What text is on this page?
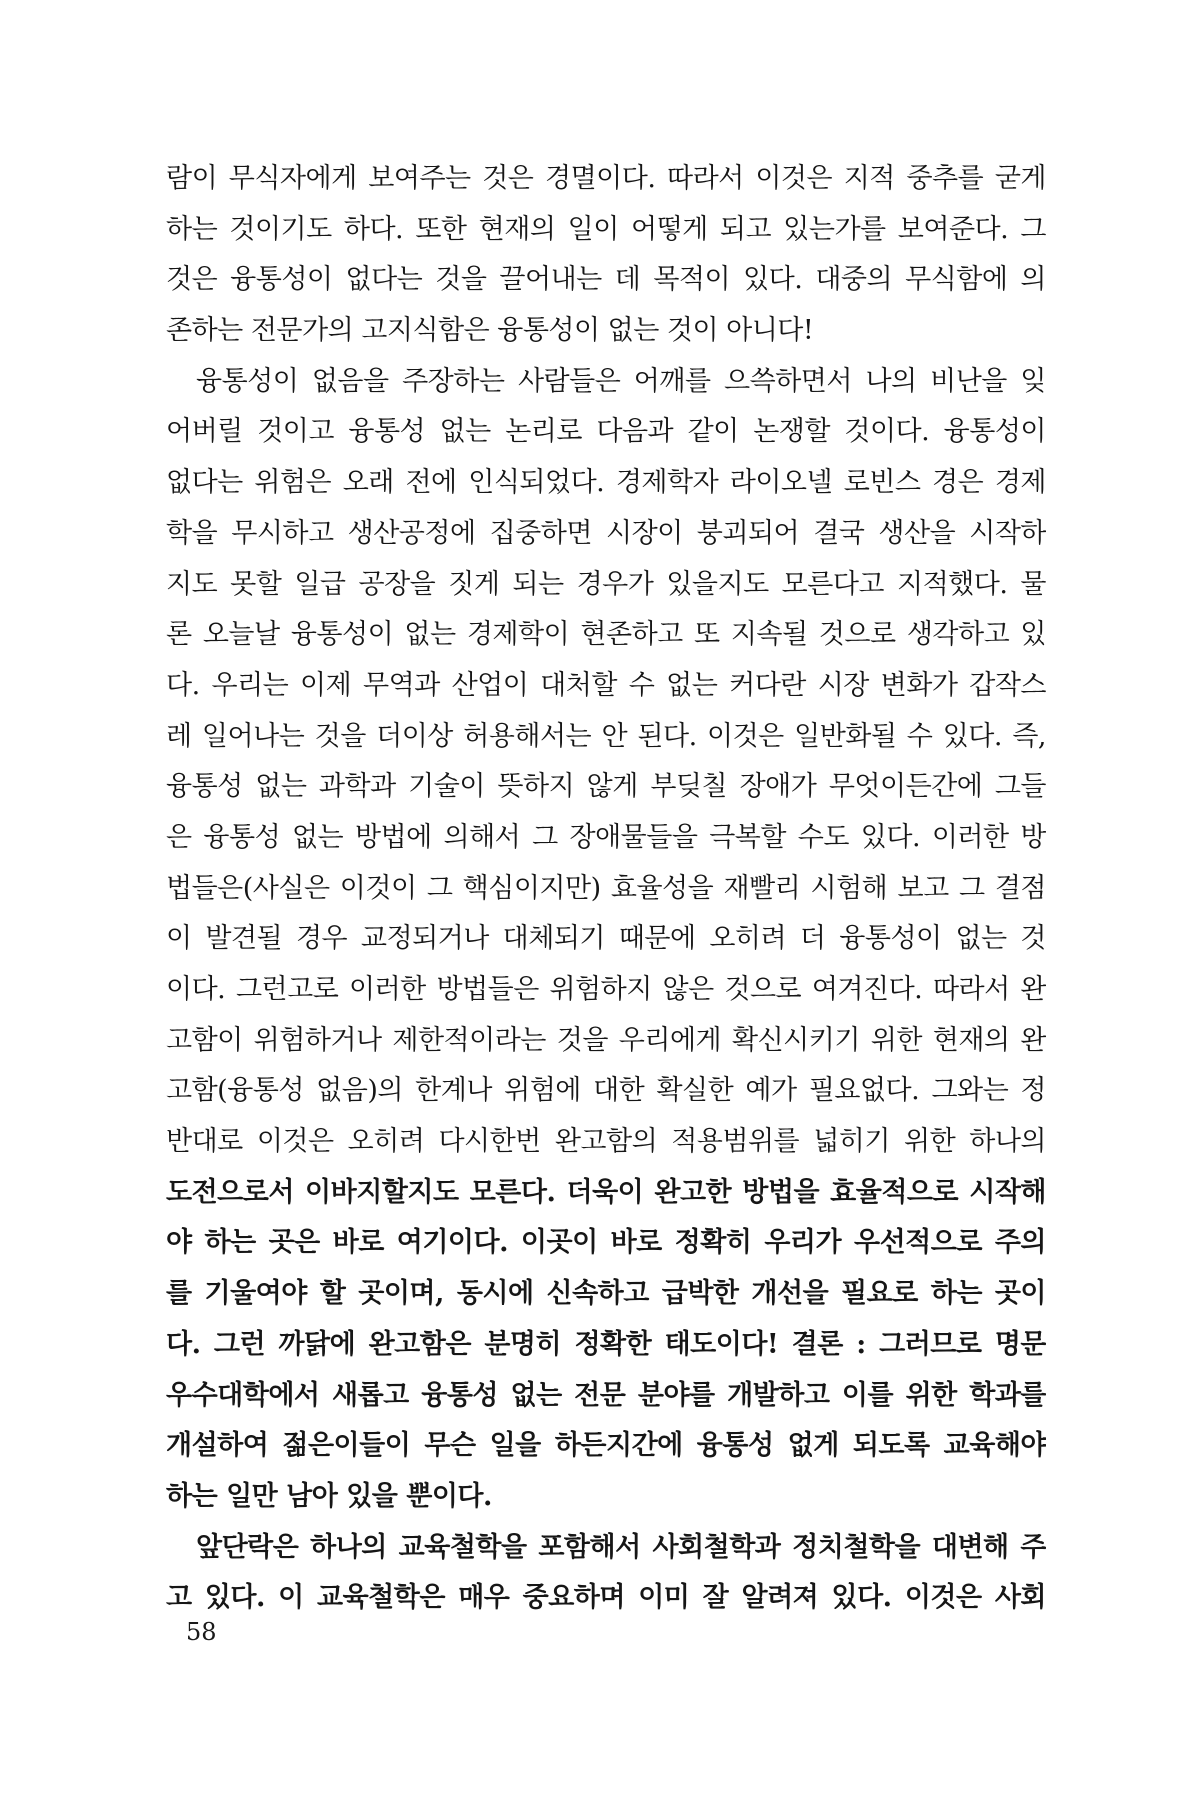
람이 무식자에게 보여주는 것은 경멸이다. 따라서 이것은 지적 중추를 굳게
하는 것이기도 하다. 또한 현재의 일이 어떻게 되고 있는가를 보여준다. 그
것은 융통성이 없다는 것을 끌어내는 데 목적이 있다. 대중의 무식함에 의
존하는 전문가의 고지식함은 융통성이 없는 것이 아니다!
융통성이 없음을 주장하는 사람들은 어깨를 으쓱하면서 나의 비난을 잊
어버릴 것이고 융통성 없는 논리로 다음과 같이 논쟁할 것이다. 융통성이
없다는 위험은 오래 전에 인식되었다. 경제학자 라이오넬 로빈스 경은 경제
학을 무시하고 생산공정에 집중하면 시장이 붕괴되어 결국 생산을 시작하
지도 못할 일급 공장을 짓게 되는 경우가 있을지도 모른다고 지적했다. 물
론 오늘날 융통성이 없는 경제학이 현존하고 또 지속될 것으로 생각하고 있
다. 우리는 이제 무역과 산업이 대처할 수 없는 커다란 시장 변화가 갑작스
레 일어나는 것을 더이상 허용해서는 안 된다. 이것은 일반화될 수 있다. 즉,
융통성 없는 과학과 기술이 뜻하지 않게 부딪칠 장애가 무엇이든간에 그들
은 융통성 없는 방법에 의해서 그 장애물들을 극복할 수도 있다. 이러한 방
법들은(사실은 이것이 그 핵심이지만) 효율성을 재빨리 시험해 보고 그 결점
이 발견될 경우 교정되거나 대체되기 때문에 오히려 더 융통성이 없는 것
이다. 그런고로 이러한 방법들은 위험하지 않은 것으로 여겨진다. 따라서 완
고함이 위험하거나 제한적이라는 것을 우리에게 확신시키기 위한 현재의 완
고함(융통성 없음)의 한계나 위험에 대한 확실한 예가 필요없다. 그와는 정
반대로 이것은 오히려 다시한번 완고함의 적용범위를 넓히기 위한 하나의
도전으로서 이바지할지도 모른다. 더욱이 완고한 방법을 효율적으로 시작해
야 하는 곳은 바로 여기이다. 이곳이 바로 정확히 우리가 우선적으로 주의
를 기울여야 할 곳이며, 동시에 신속하고 급박한 개선을 필요로 하는 곳이
다. 그런 까닭에 완고함은 분명히 정확한 태도이다! 결론 : 그러므로 명문
우수대학에서 새롭고 융통성 없는 전문 분야를 개발하고 이를 위한 학과를
개설하여 젊은이들이 무슨 일을 하든지간에 융통성 없게 되도록 교육해야
하는 일만 남아 있을 뿐이다.
앞단락은 하나의 교육철학을 포함해서 사회철학과 정치철학을 대변해 주
고 있다. 이 교육철학은 매우 중요하며 이미 잘 알려져 있다. 이것은 사회
58
